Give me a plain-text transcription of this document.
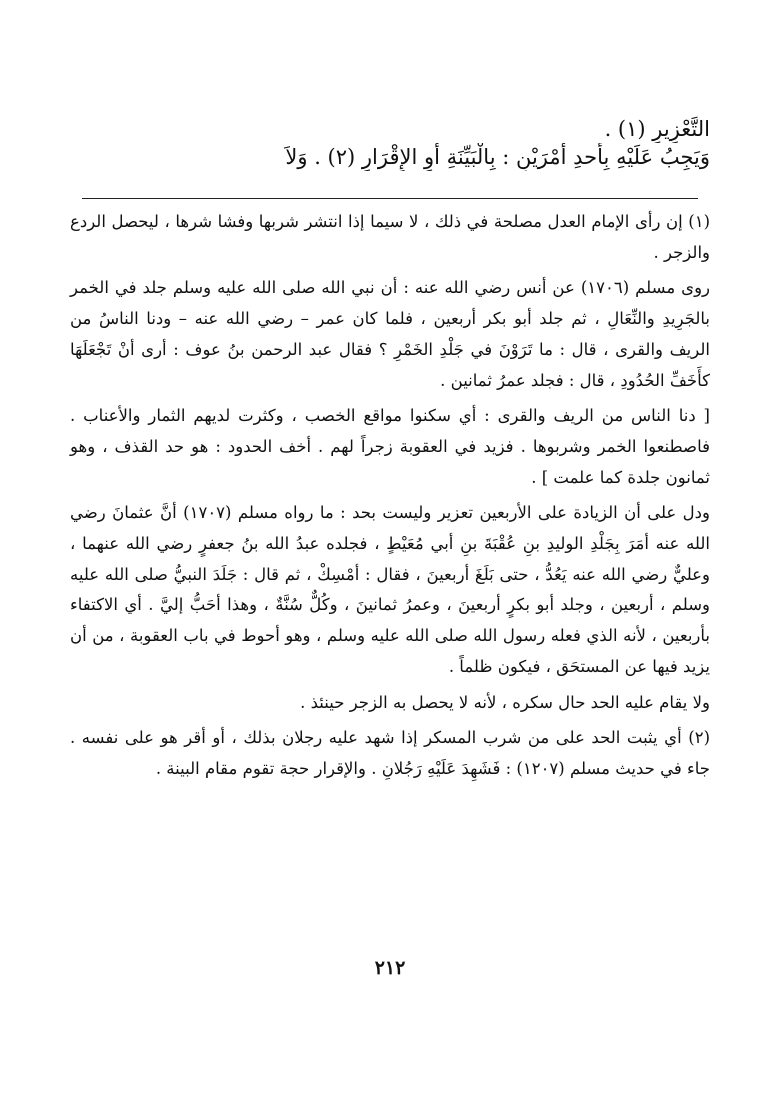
التَّعْزِيرِ (١) .
وَيَجِبُ عَلَيْهِ بِأحدِ أَمْرَيْنِ : بِالْبَيِّنَةِ أَوِ الإِقْرَارِ (٢) . وَلاَ

(١) إن رأى الإمام العدل مصلحة في ذلك ، لا سيما إذا انتشر شربها وفشا شرها ، ليحصل الردع والزجر .

روى مسلم (١٧٠٦) عن أنس رضي الله عنه : أن نبي الله صلى الله عليه وسلم جلد في الخمر بالجَرِيدِ والنِّعَالِ ، ثم جلد أبو بكر أربعين ، فلما كان عمر – رضي الله عنه – ودنا الناسُ من الريف والقرى ، قال : ما تَرَوْنَ في جَلْدِ الخَمْرِ ؟ فقال عبد الرحمن بنُ عوف : أرى أنْ تَجْعَلَهَا كأَخَفِّ الحُدُودِ ، قال : فجلد عمرُ ثمانين .

[ دنا الناس من الريف والقرى : أي سكنوا مواقع الخصب ، وكثرت لديهم الثمار والأعناب . فاصطنعوا الخمر وشربوها . فزيد في العقوبة زجراً لهم . أخف الحدود : هو حد القذف ، وهو ثمانون جلدة كما علمت ] .

ودل على أن الزيادة على الأربعين تعزير وليست بحد : ما رواه مسلم (١٧٠٧) أنَّ عثمانَ رضي الله عنه أمَرَ بِجَلْدِ الوليدِ بنِ عُقْبَةَ بنِ أبي مُعَيْطٍ ، فجلده عبدُ الله بنُ جعفرٍ رضي الله عنهما ، وعليٌّ رضي الله عنه يَعُدُّ ، حتى بَلَغَ أربعينَ ، فقال : أمْسِكْ ، ثم قال : جَلَدَ النبيُّ صلى الله عليه وسلم ، أربعين ، وجلد أبو بكرٍ أربعينَ ، وعمرُ ثمانينَ ، وكُلٌّ سُنَّةٌ ، وهذا أحَبُّ إليَّ . أي الاكتفاء بأربعين ، لأنه الذي فعله رسول الله صلى الله عليه وسلم ، وهو أحوط في باب العقوبة ، من أن يزيد فيها عن المستحَق ، فيكون ظلماً .

ولا يقام عليه الحد حال سكره ، لأنه لا يحصل به الزجر حينئذ .

(٢) أي يثبت الحد على من شرب المسكر إذا شهد عليه رجلان بذلك ، أو أقر هو على نفسه . جاء في حديث مسلم (١٢٠٧) : فَشَهِدَ عَلَيْهِ رَجُلانِ . والإقرار حجة تقوم مقام البينة .

٢١٢
